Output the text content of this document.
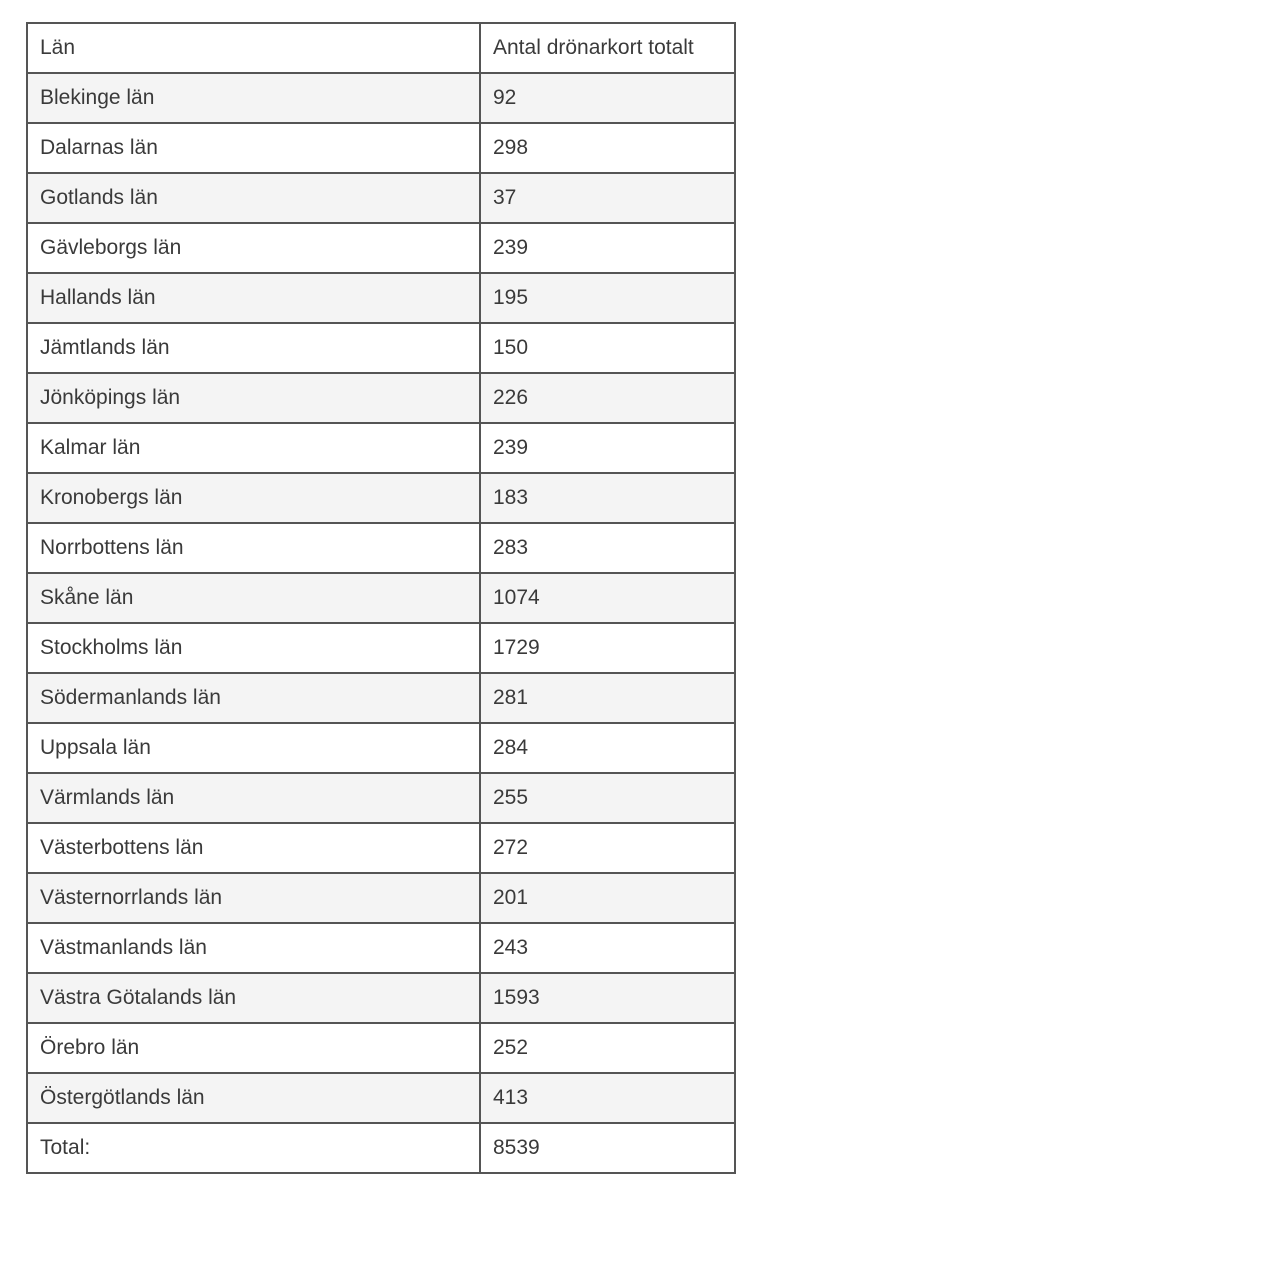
Län	Antal drönarkort totalt
Blekinge län	92
Dalarnas län	298
Gotlands län	37
Gävleborgs län	239
Hallands län	195
Jämtlands län	150
Jönköpings län	226
Kalmar län	239
Kronobergs län	183
Norrbottens län	283
Skåne län	1074
Stockholms län	1729
Södermanlands län	281
Uppsala län	284
Värmlands län	255
Västerbottens län	272
Västernorrlands län	201
Västmanlands län	243
Västra Götalands län	1593
Örebro län	252
Östergötlands län	413
Total:	8539
